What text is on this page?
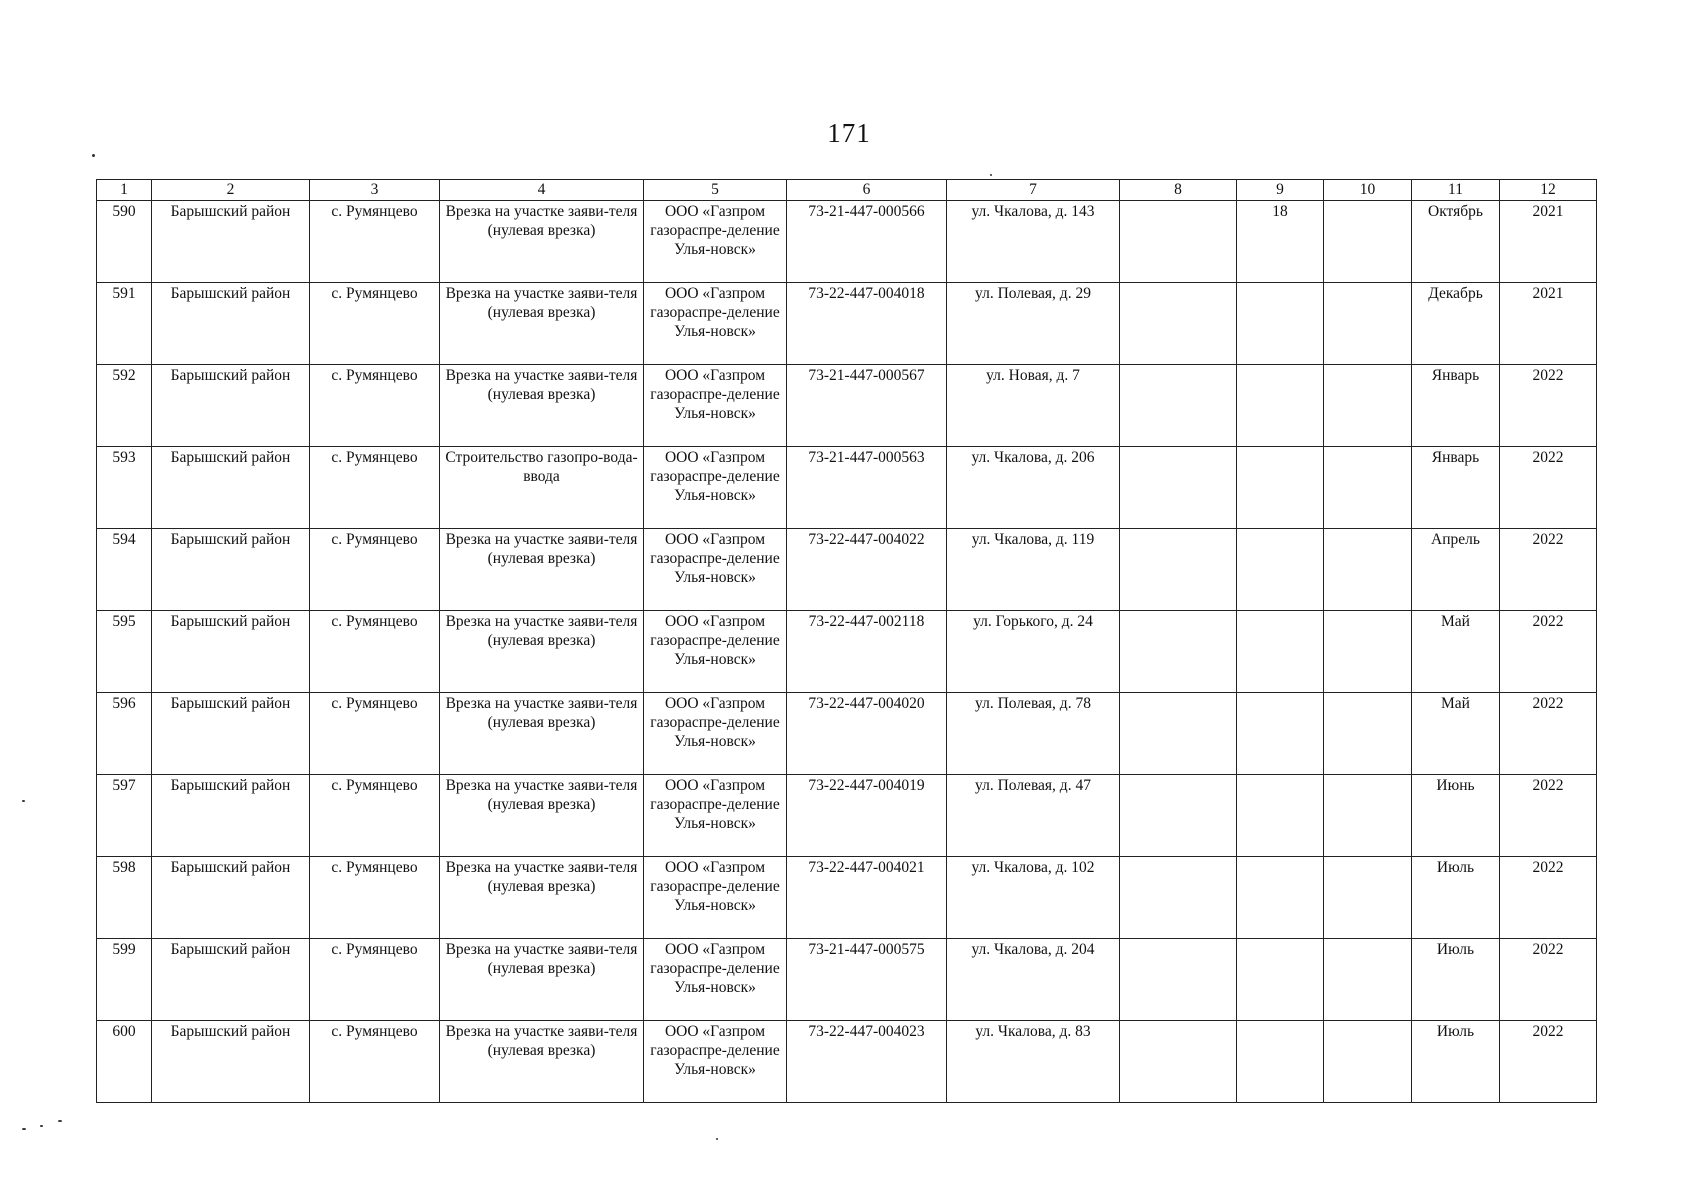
171
1	2	3	4	5	6	7	8	9	10	11	12
590	Барышский район	с. Румянцево	Врезка на участке заяви-теля (нулевая врезка)	ООО «Газпром газораспре-деление Улья-новск»	73-21-447-000566	ул. Чкалова, д. 143		18		Октябрь	2021
591	Барышский район	с. Румянцево	Врезка на участке заяви-теля (нулевая врезка)	ООО «Газпром газораспре-деление Улья-новск»	73-22-447-004018	ул. Полевая, д. 29				Декабрь	2021
592	Барышский район	с. Румянцево	Врезка на участке заяви-теля (нулевая врезка)	ООО «Газпром газораспре-деление Улья-новск»	73-21-447-000567	ул. Новая, д. 7				Январь	2022
593	Барышский район	с. Румянцево	Строительство газопро-вода-ввода	ООО «Газпром газораспре-деление Улья-новск»	73-21-447-000563	ул. Чкалова, д. 206				Январь	2022
594	Барышский район	с. Румянцево	Врезка на участке заяви-теля (нулевая врезка)	ООО «Газпром газораспре-деление Улья-новск»	73-22-447-004022	ул. Чкалова, д. 119				Апрель	2022
595	Барышский район	с. Румянцево	Врезка на участке заяви-теля (нулевая врезка)	ООО «Газпром газораспре-деление Улья-новск»	73-22-447-002118	ул. Горького, д. 24				Май	2022
596	Барышский район	с. Румянцево	Врезка на участке заяви-теля (нулевая врезка)	ООО «Газпром газораспре-деление Улья-новск»	73-22-447-004020	ул. Полевая, д. 78				Май	2022
597	Барышский район	с. Румянцево	Врезка на участке заяви-теля (нулевая врезка)	ООО «Газпром газораспре-деление Улья-новск»	73-22-447-004019	ул. Полевая, д. 47				Июнь	2022
598	Барышский район	с. Румянцево	Врезка на участке заяви-теля (нулевая врезка)	ООО «Газпром газораспре-деление Улья-новск»	73-22-447-004021	ул. Чкалова, д. 102				Июль	2022
599	Барышский район	с. Румянцево	Врезка на участке заяви-теля (нулевая врезка)	ООО «Газпром газораспре-деление Улья-новск»	73-21-447-000575	ул. Чкалова, д. 204				Июль	2022
600	Барышский район	с. Румянцево	Врезка на участке заяви-теля (нулевая врезка)	ООО «Газпром газораспре-деление Улья-новск»	73-22-447-004023	ул. Чкалова, д. 83				Июль	2022
